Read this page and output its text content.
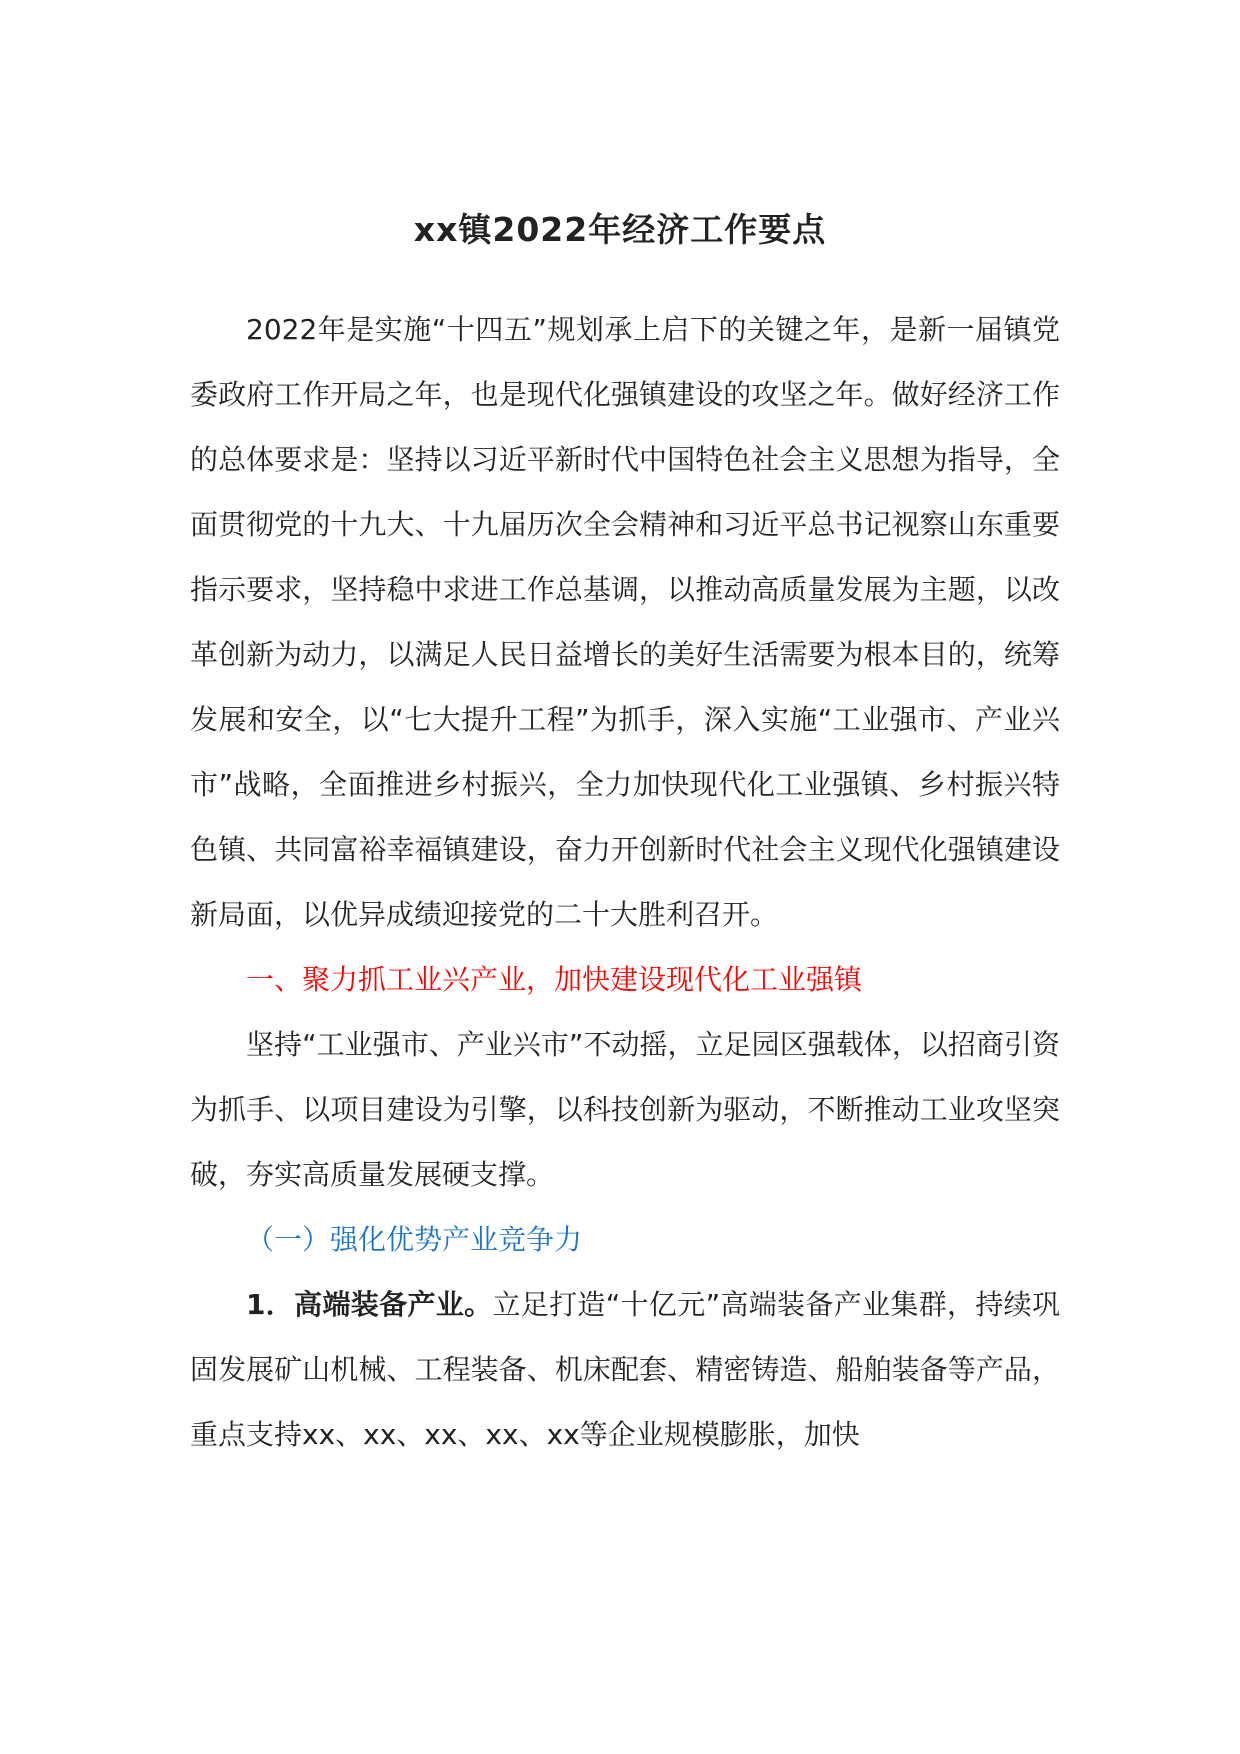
xx镇2022年经济工作要点

2022年是实施“十四五”规划承上启下的关键之年，是新一届镇党委政府工作开局之年，也是现代化强镇建设的攻坚之年。做好经济工作的总体要求是：坚持以习近平新时代中国特色社会主义思想为指导，全面贯彻党的十九大、十九届历次全会精神和习近平总书记视察山东重要指示要求，坚持稳中求进工作总基调，以推动高质量发展为主题，以改革创新为动力，以满足人民日益增长的美好生活需要为根本目的，统筹发展和安全，以“七大提升工程”为抓手，深入实施“工业强市、产业兴市”战略，全面推进乡村振兴，全力加快现代化工业强镇、乡村振兴特色镇、共同富裕幸福镇建设，奋力开创新时代社会主义现代化强镇建设新局面，以优异成绩迎接党的二十大胜利召开。

一、聚力抓工业兴产业，加快建设现代化工业强镇

坚持“工业强市、产业兴市”不动摇，立足园区强载体，以招商引资为抓手、以项目建设为引擎，以科技创新为驱动，不断推动工业攻坚突破，夯实高质量发展硬支撑。

（一）强化优势产业竞争力

1．高端装备产业。立足打造“十亿元”高端装备产业集群，持续巩固发展矿山机械、工程装备、机床配套、精密铸造、船舶装备等产品，重点支持xx、xx、xx、xx、xx等企业规模膨胀，加快
